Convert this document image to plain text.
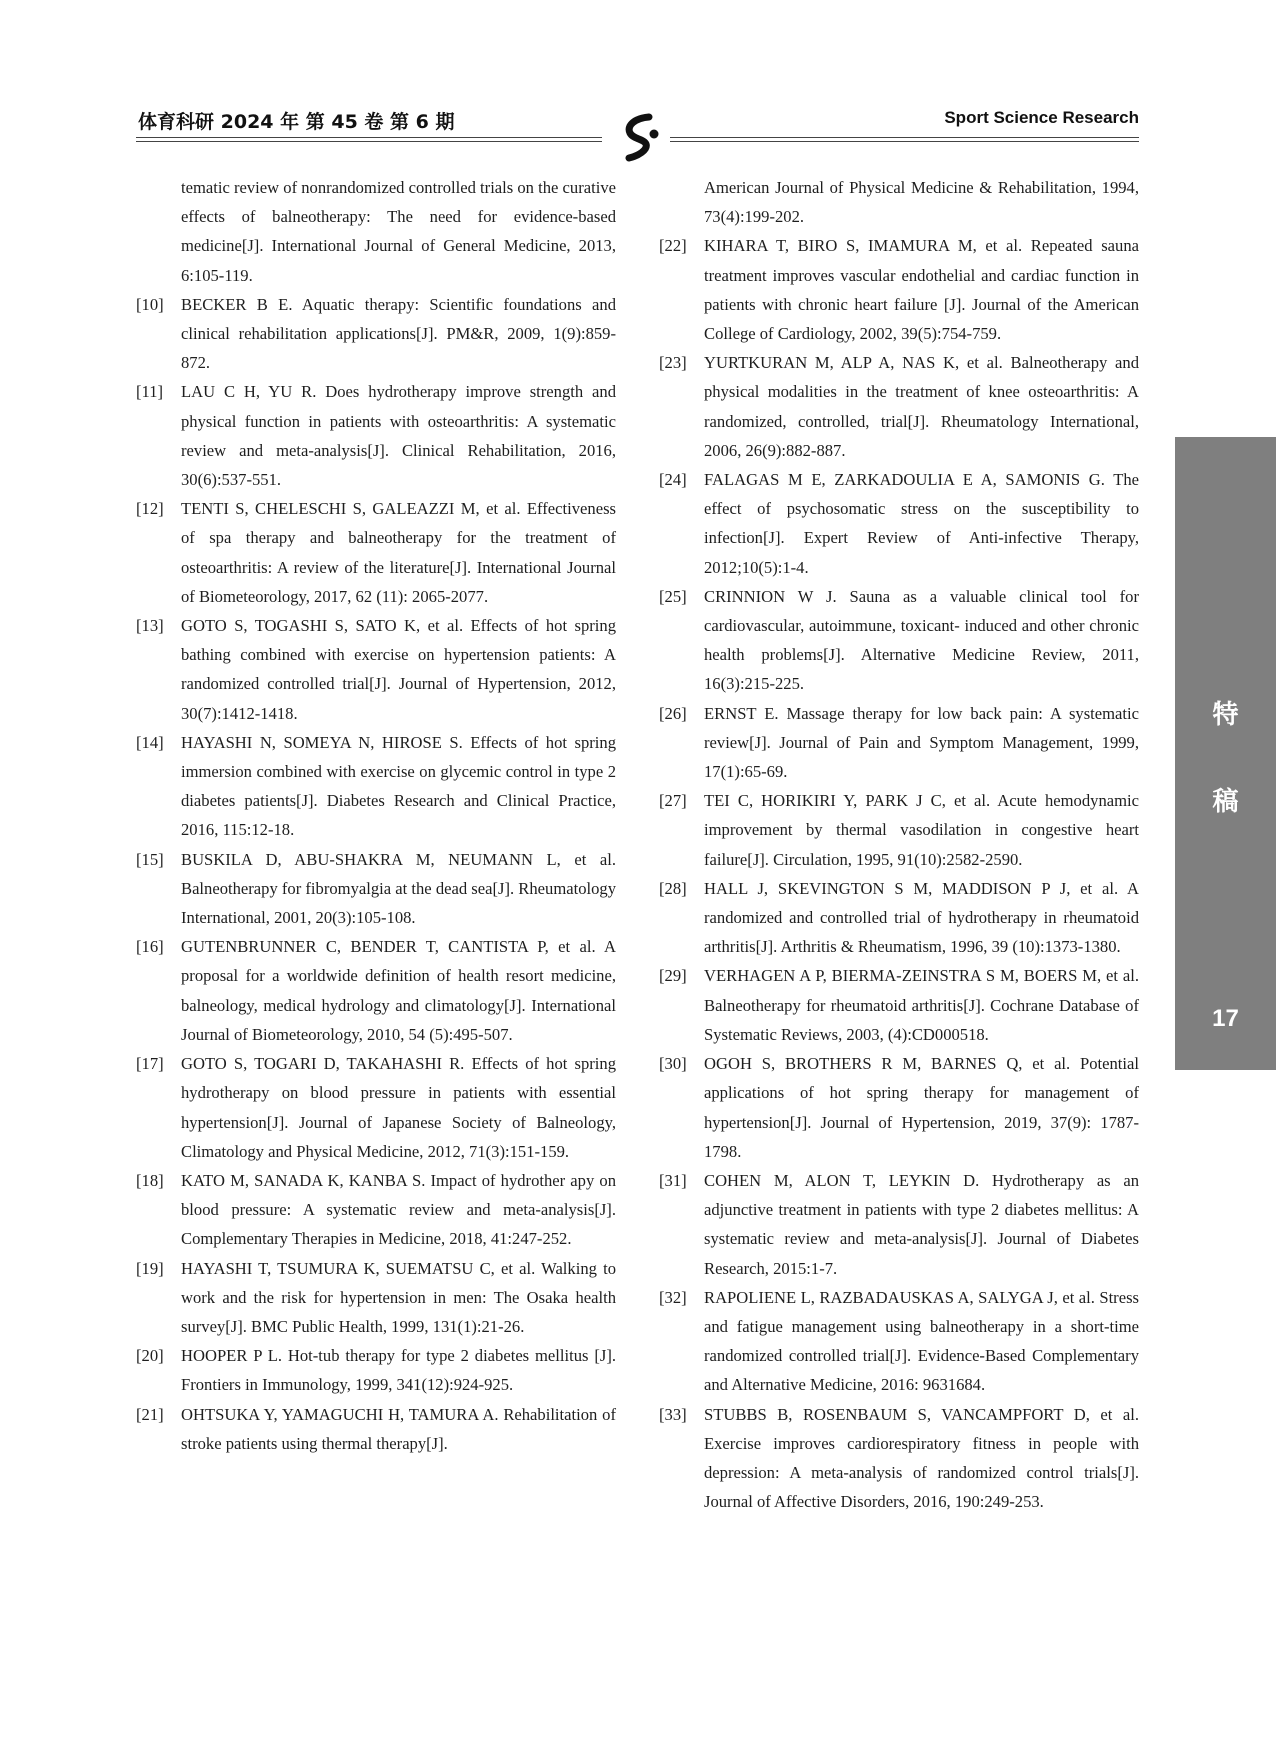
体育科研 2024 年 第 45 卷 第 6 期	Sport Science Research
tematic review of nonrandomized controlled trials on the curative effects of balneotherapy: The need for evidence-based medicine[J]. International Journal of General Medicine, 2013, 6:105-119.
[10]	BECKER B E. Aquatic therapy: Scientific foundations and clinical rehabilitation applications[J]. PM&R, 2009, 1(9):859-872.
[11]	LAU C H, YU R. Does hydrotherapy improve strength and physical function in patients with osteoarthritis: A systematic review and meta-analysis[J]. Clinical Rehabilitation, 2016, 30(6):537-551.
[12]	TENTI S, CHELESCHI S, GALEAZZI M, et al. Effectiveness of spa therapy and balneotherapy for the treatment of osteoarthritis: A review of the literature[J]. International Journal of Biometeorology, 2017, 62 (11): 2065-2077.
[13]	GOTO S, TOGASHI S, SATO K, et al. Effects of hot spring bathing combined with exercise on hypertension patients: A randomized controlled trial[J]. Journal of Hypertension, 2012, 30(7):1412-1418.
[14]	HAYASHI N, SOMEYA N, HIROSE S. Effects of hot spring immersion combined with exercise on glycemic control in type 2 diabetes patients[J]. Diabetes Research and Clinical Practice, 2016, 115:12-18.
[15]	BUSKILA D, ABU-SHAKRA M, NEUMANN L, et al. Balneotherapy for fibromyalgia at the dead sea[J]. Rheumatology International, 2001, 20(3):105-108.
[16]	GUTENBRUNNER C, BENDER T, CANTISTA P, et al. A proposal for a worldwide definition of health resort medicine, balneology, medical hydrology and climatology[J]. International Journal of Biometeorology, 2010, 54 (5):495-507.
[17]	GOTO S, TOGARI D, TAKAHASHI R. Effects of hot spring hydrotherapy on blood pressure in patients with essential hypertension[J]. Journal of Japanese Society of Balneology, Climatology and Physical Medicine, 2012, 71(3):151-159.
[18]	KATO M, SANADA K, KANBA S. Impact of hydrother apy on blood pressure: A systematic review and meta-analysis[J]. Complementary Therapies in Medicine, 2018, 41:247-252.
[19]	HAYASHI T, TSUMURA K, SUEMATSU C, et al. Walking to work and the risk for hypertension in men: The Osaka health survey[J]. BMC Public Health, 1999, 131(1):21-26.
[20]	HOOPER P L. Hot-tub therapy for type 2 diabetes mellitus [J]. Frontiers in Immunology, 1999, 341(12):924-925.
[21]	OHTSUKA Y, YAMAGUCHI H, TAMURA A. Rehabilitation of stroke patients using thermal therapy[J].
American Journal of Physical Medicine & Rehabilitation, 1994, 73(4):199-202.
[22]	KIHARA T, BIRO S, IMAMURA M, et al. Repeated sauna treatment improves vascular endothelial and cardiac function in patients with chronic heart failure [J]. Journal of the American College of Cardiology, 2002, 39(5):754-759.
[23]	YURTKURAN M, ALP A, NAS K, et al. Balneotherapy and physical modalities in the treatment of knee osteoarthritis: A randomized, controlled, trial[J]. Rheumatology International, 2006, 26(9):882-887.
[24]	FALAGAS M E, ZARKADOULIA E A, SAMONIS G. The effect of psychosomatic stress on the susceptibility to infection[J]. Expert Review of Anti-infective Therapy, 2012;10(5):1-4.
[25]	CRINNION W J. Sauna as a valuable clinical tool for cardiovascular, autoimmune, toxicant- induced and other chronic health problems[J]. Alternative Medicine Review, 2011, 16(3):215-225.
[26]	ERNST E. Massage therapy for low back pain: A systematic review[J]. Journal of Pain and Symptom Management, 1999, 17(1):65-69.
[27]	TEI C, HORIKIRI Y, PARK J C, et al. Acute hemodynamic improvement by thermal vasodilation in congestive heart failure[J]. Circulation, 1995, 91(10):2582-2590.
[28]	HALL J, SKEVINGTON S M, MADDISON P J, et al. A randomized and controlled trial of hydrotherapy in rheumatoid arthritis[J]. Arthritis & Rheumatism, 1996, 39 (10):1373-1380.
[29]	VERHAGEN A P, BIERMA-ZEINSTRA S M, BOERS M, et al. Balneotherapy for rheumatoid arthritis[J]. Cochrane Database of Systematic Reviews, 2003, (4):CD000518.
[30]	OGOH S, BROTHERS R M, BARNES Q, et al. Potential applications of hot spring therapy for management of hypertension[J]. Journal of Hypertension, 2019, 37(9): 1787-1798.
[31]	COHEN M, ALON T, LEYKIN D. Hydrotherapy as an adjunctive treatment in patients with type 2 diabetes mellitus: A systematic review and meta-analysis[J]. Journal of Diabetes Research, 2015:1-7.
[32]	RAPOLIENE L, RAZBADAUSKAS A, SALYGA J, et al. Stress and fatigue management using balneotherapy in a short-time randomized controlled trial[J]. Evidence-Based Complementary and Alternative Medicine, 2016: 9631684.
[33]	STUBBS B, ROSENBAUM S, VANCAMPFORT D, et al. Exercise improves cardiorespiratory fitness in people with depression: A meta-analysis of randomized control trials[J]. Journal of Affective Disorders, 2016, 190:249-253.
特
稿
17
